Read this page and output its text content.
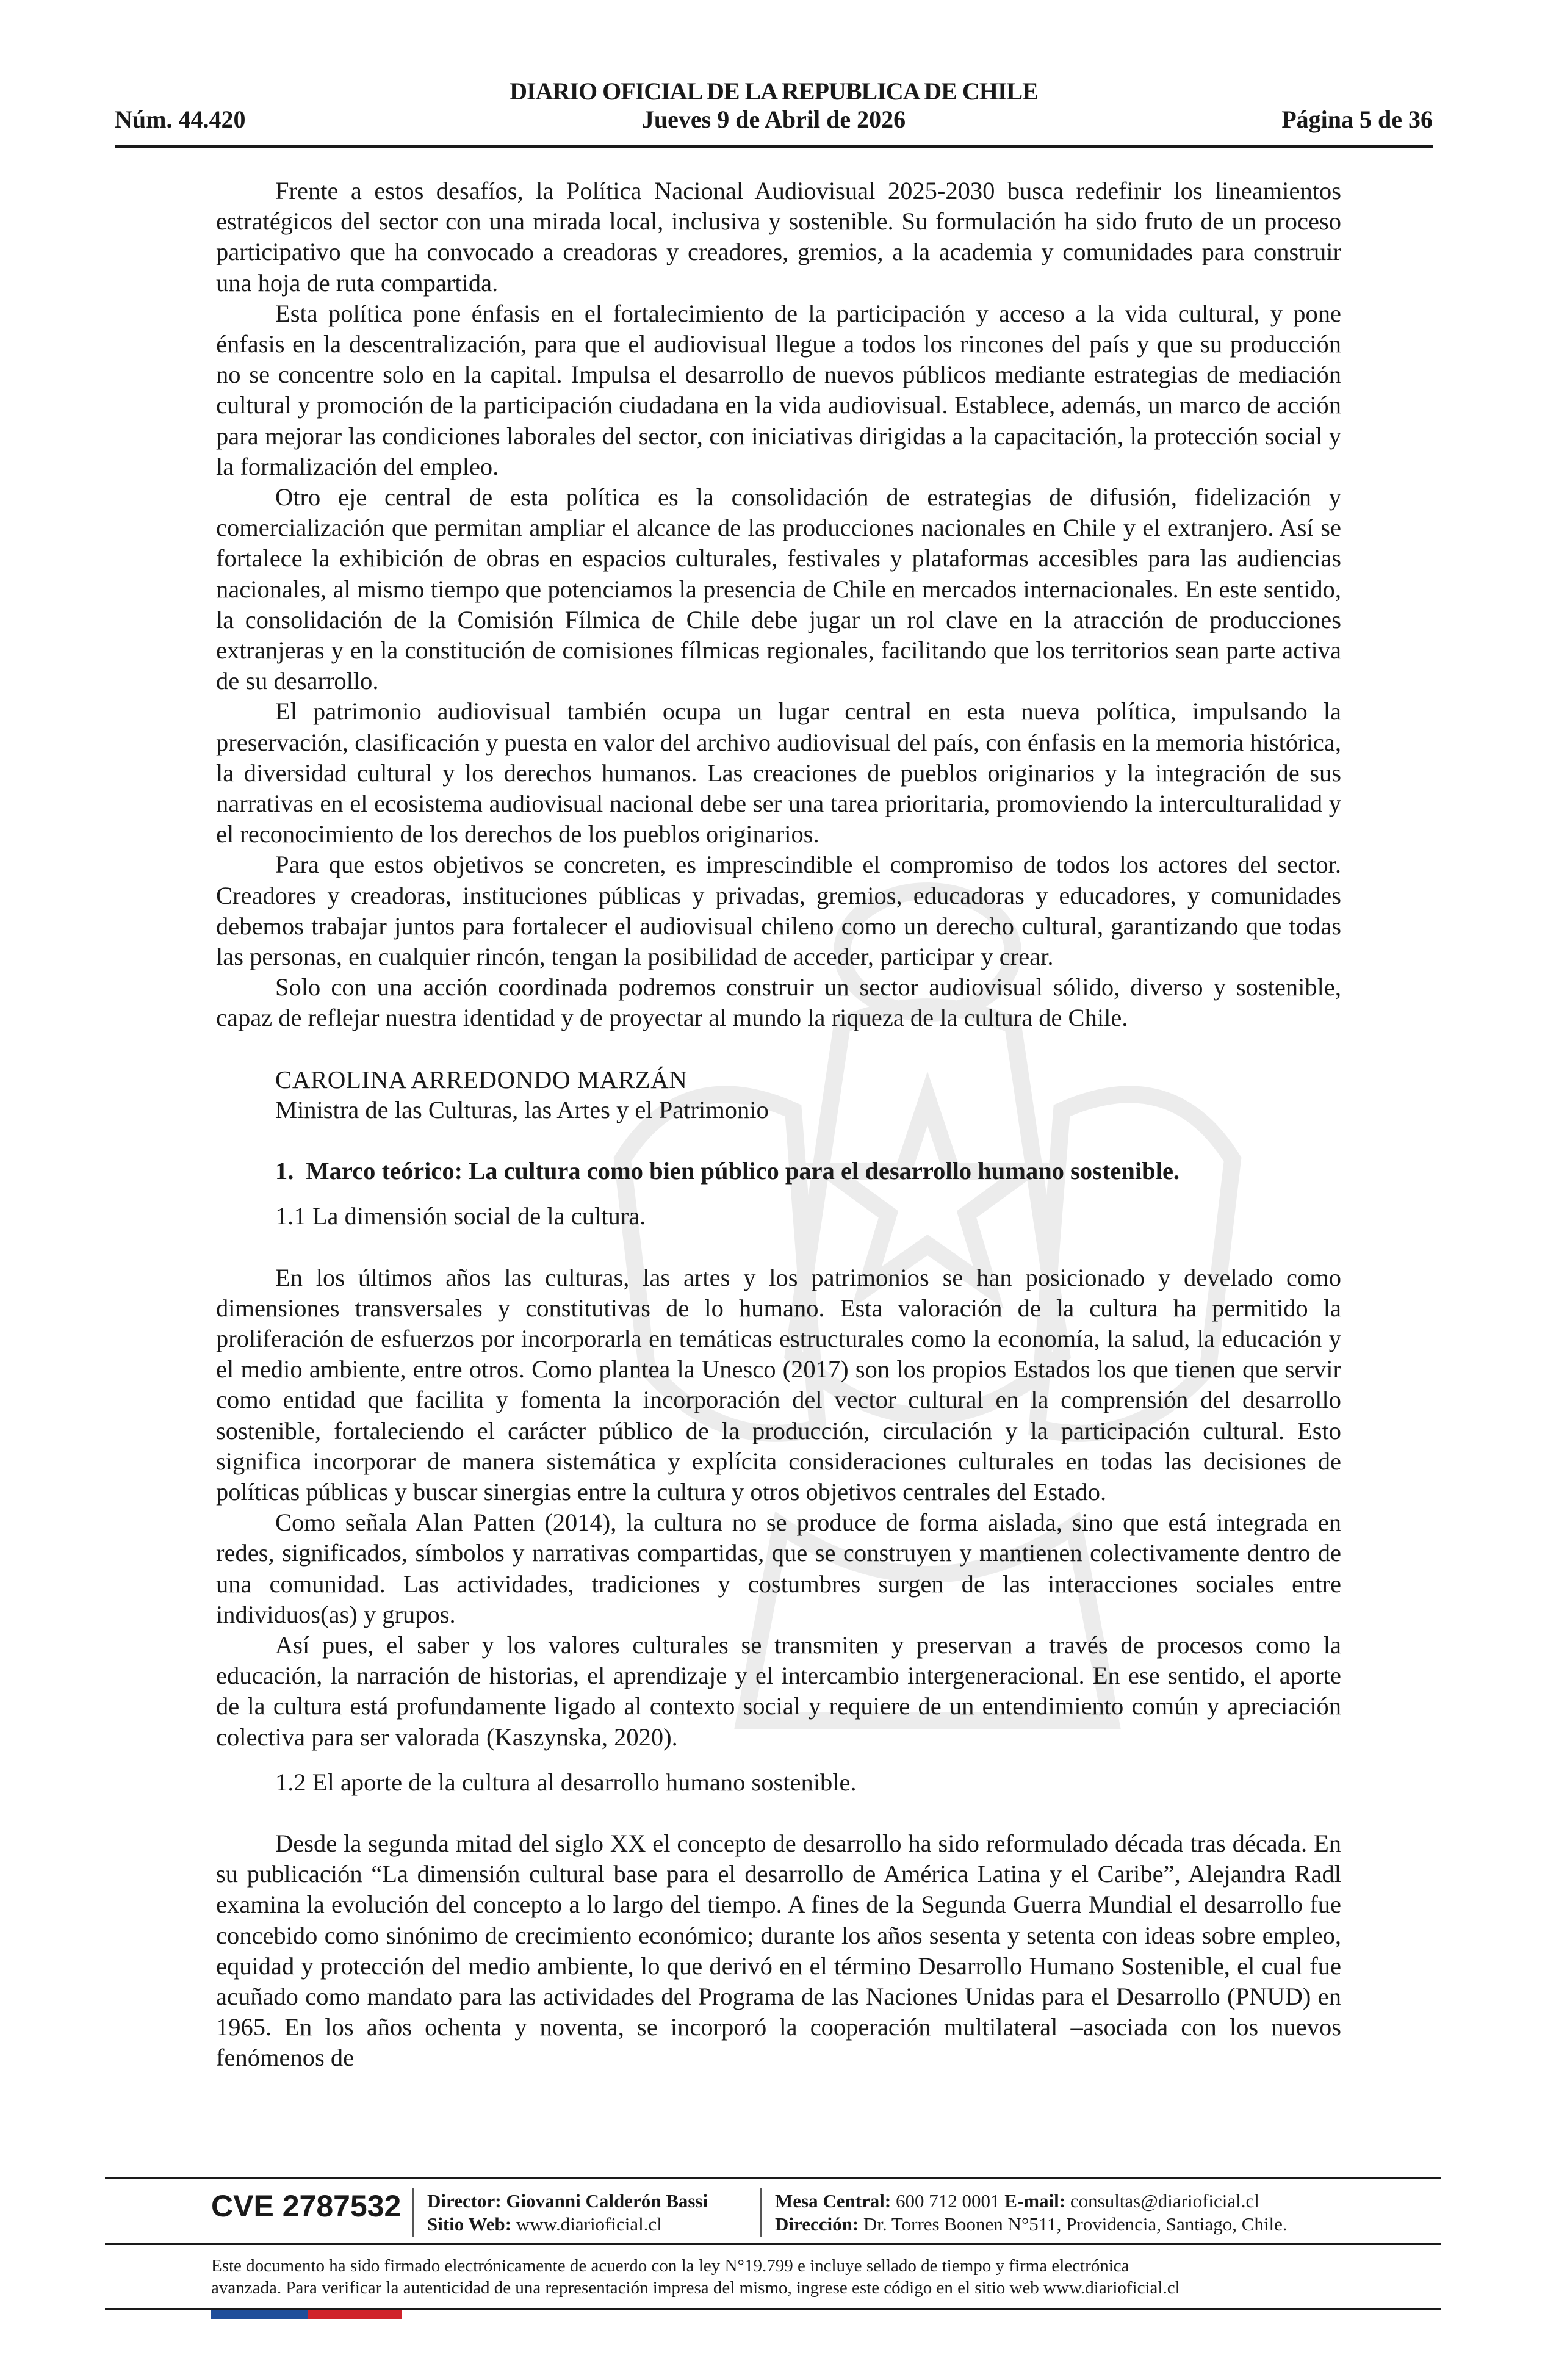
DIARIO OFICIAL DE LA REPUBLICA DE CHILE
Núm. 44.420	Jueves 9 de Abril de 2026	Página 5 de 36

Frente a estos desafíos, la Política Nacional Audiovisual 2025-2030 busca redefinir los lineamientos estratégicos del sector con una mirada local, inclusiva y sostenible. Su formulación ha sido fruto de un proceso participativo que ha convocado a creadoras y creadores, gremios, a la academia y comunidades para construir una hoja de ruta compartida.

Esta política pone énfasis en el fortalecimiento de la participación y acceso a la vida cultural, y pone énfasis en la descentralización, para que el audiovisual llegue a todos los rincones del país y que su producción no se concentre solo en la capital. Impulsa el desarrollo de nuevos públicos mediante estrategias de mediación cultural y promoción de la participación ciudadana en la vida audiovisual. Establece, además, un marco de acción para mejorar las condiciones laborales del sector, con iniciativas dirigidas a la capacitación, la protección social y la formalización del empleo.

Otro eje central de esta política es la consolidación de estrategias de difusión, fidelización y comercialización que permitan ampliar el alcance de las producciones nacionales en Chile y el extranjero. Así se fortalece la exhibición de obras en espacios culturales, festivales y plataformas accesibles para las audiencias nacionales, al mismo tiempo que potenciamos la presencia de Chile en mercados internacionales. En este sentido, la consolidación de la Comisión Fílmica de Chile debe jugar un rol clave en la atracción de producciones extranjeras y en la constitución de comisiones fílmicas regionales, facilitando que los territorios sean parte activa de su desarrollo.

El patrimonio audiovisual también ocupa un lugar central en esta nueva política, impulsando la preservación, clasificación y puesta en valor del archivo audiovisual del país, con énfasis en la memoria histórica, la diversidad cultural y los derechos humanos. Las creaciones de pueblos originarios y la integración de sus narrativas en el ecosistema audiovisual nacional debe ser una tarea prioritaria, promoviendo la interculturalidad y el reconocimiento de los derechos de los pueblos originarios.

Para que estos objetivos se concreten, es imprescindible el compromiso de todos los actores del sector. Creadores y creadoras, instituciones públicas y privadas, gremios, educadoras y educadores, y comunidades debemos trabajar juntos para fortalecer el audiovisual chileno como un derecho cultural, garantizando que todas las personas, en cualquier rincón, tengan la posibilidad de acceder, participar y crear.

Solo con una acción coordinada podremos construir un sector audiovisual sólido, diverso y sostenible, capaz de reflejar nuestra identidad y de proyectar al mundo la riqueza de la cultura de Chile.

CAROLINA ARREDONDO MARZÁN
Ministra de las Culturas, las Artes y el Patrimonio
1. Marco teórico: La cultura como bien público para el desarrollo humano sostenible.
1.1 La dimensión social de la cultura.

En los últimos años las culturas, las artes y los patrimonios se han posicionado y develado como dimensiones transversales y constitutivas de lo humano. Esta valoración de la cultura ha permitido la proliferación de esfuerzos por incorporarla en temáticas estructurales como la economía, la salud, la educación y el medio ambiente, entre otros. Como plantea la Unesco (2017) son los propios Estados los que tienen que servir como entidad que facilita y fomenta la incorporación del vector cultural en la comprensión del desarrollo sostenible, fortaleciendo el carácter público de la producción, circulación y la participación cultural. Esto significa incorporar de manera sistemática y explícita consideraciones culturales en todas las decisiones de políticas públicas y buscar sinergias entre la cultura y otros objetivos centrales del Estado.

Como señala Alan Patten (2014), la cultura no se produce de forma aislada, sino que está integrada en redes, significados, símbolos y narrativas compartidas, que se construyen y mantienen colectivamente dentro de una comunidad. Las actividades, tradiciones y costumbres surgen de las interacciones sociales entre individuos(as) y grupos.

Así pues, el saber y los valores culturales se transmiten y preservan a través de procesos como la educación, la narración de historias, el aprendizaje y el intercambio intergeneracional. En ese sentido, el aporte de la cultura está profundamente ligado al contexto social y requiere de un entendimiento común y apreciación colectiva para ser valorada (Kaszynska, 2020).

1.2 El aporte de la cultura al desarrollo humano sostenible.

Desde la segunda mitad del siglo XX el concepto de desarrollo ha sido reformulado década tras década. En su publicación “La dimensión cultural base para el desarrollo de América Latina y el Caribe”, Alejandra Radl examina la evolución del concepto a lo largo del tiempo. A fines de la Segunda Guerra Mundial el desarrollo fue concebido como sinónimo de crecimiento económico; durante los años sesenta y setenta con ideas sobre empleo, equidad y protección del medio ambiente, lo que derivó en el término Desarrollo Humano Sostenible, el cual fue acuñado como mandato para las actividades del Programa de las Naciones Unidas para el Desarrollo (PNUD) en 1965. En los años ochenta y noventa, se incorporó la cooperación multilateral –asociada con los nuevos fenómenos de

CVE 2787532 Director: Giovanni Calderón Bassi
Sitio Web: www.diarioficial.cl
Mesa Central: 600 712 0001 E-mail: consultas@diarioficial.cl
Dirección: Dr. Torres Boonen N°511, Providencia, Santiago, Chile.
Este documento ha sido firmado electrónicamente de acuerdo con la ley N°19.799 e incluye sellado de tiempo y firma electrónica
avanzada. Para verificar la autenticidad de una representación impresa del mismo, ingrese este código en el sitio web www.diarioficial.cl
